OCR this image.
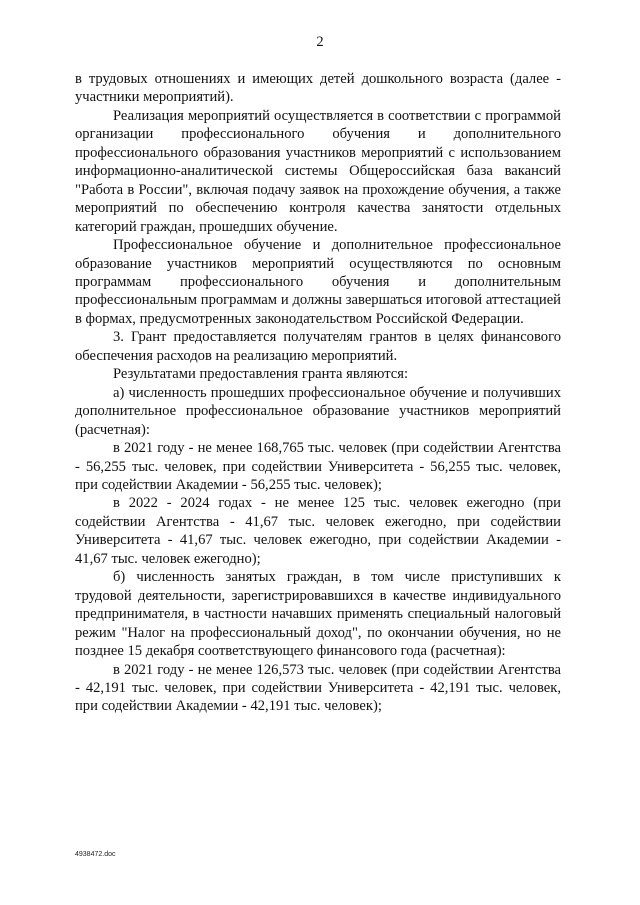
2

в трудовых отношениях и имеющих детей дошкольного возраста (далее - участники мероприятий).

Реализация мероприятий осуществляется в соответствии с программой организации профессионального обучения и дополнительного профессионального образования участников мероприятий с использованием информационно-аналитической системы Общероссийская база вакансий "Работа в России", включая подачу заявок на прохождение обучения, а также мероприятий по обеспечению контроля качества занятости отдельных категорий граждан, прошедших обучение.

Профессиональное обучение и дополнительное профессиональное образование участников мероприятий осуществляются по основным программам профессионального обучения и дополнительным профессиональным программам и должны завершаться итоговой аттестацией в формах, предусмотренных законодательством Российской Федерации.

3. Грант предоставляется получателям грантов в целях финансового обеспечения расходов на реализацию мероприятий.

Результатами предоставления гранта являются:

а) численность прошедших профессиональное обучение и получивших дополнительное профессиональное образование участников мероприятий (расчетная):

в 2021 году - не менее 168,765 тыс. человек (при содействии Агентства - 56,255 тыс. человек, при содействии Университета - 56,255 тыс. человек, при содействии Академии - 56,255 тыс. человек);

в 2022 - 2024 годах - не менее 125 тыс. человек ежегодно (при содействии Агентства - 41,67 тыс. человек ежегодно, при содействии Университета - 41,67 тыс. человек ежегодно, при содействии Академии - 41,67 тыс. человек ежегодно);

б) численность занятых граждан, в том числе приступивших к трудовой деятельности, зарегистрировавшихся в качестве индивидуального предпринимателя, в частности начавших применять специальный налоговый режим "Налог на профессиональный доход", по окончании обучения, но не позднее 15 декабря соответствующего финансового года (расчетная):

в 2021 году - не менее 126,573 тыс. человек (при содействии Агентства - 42,191 тыс. человек, при содействии Университета - 42,191 тыс. человек, при содействии Академии - 42,191 тыс. человек);

4938472.doc
